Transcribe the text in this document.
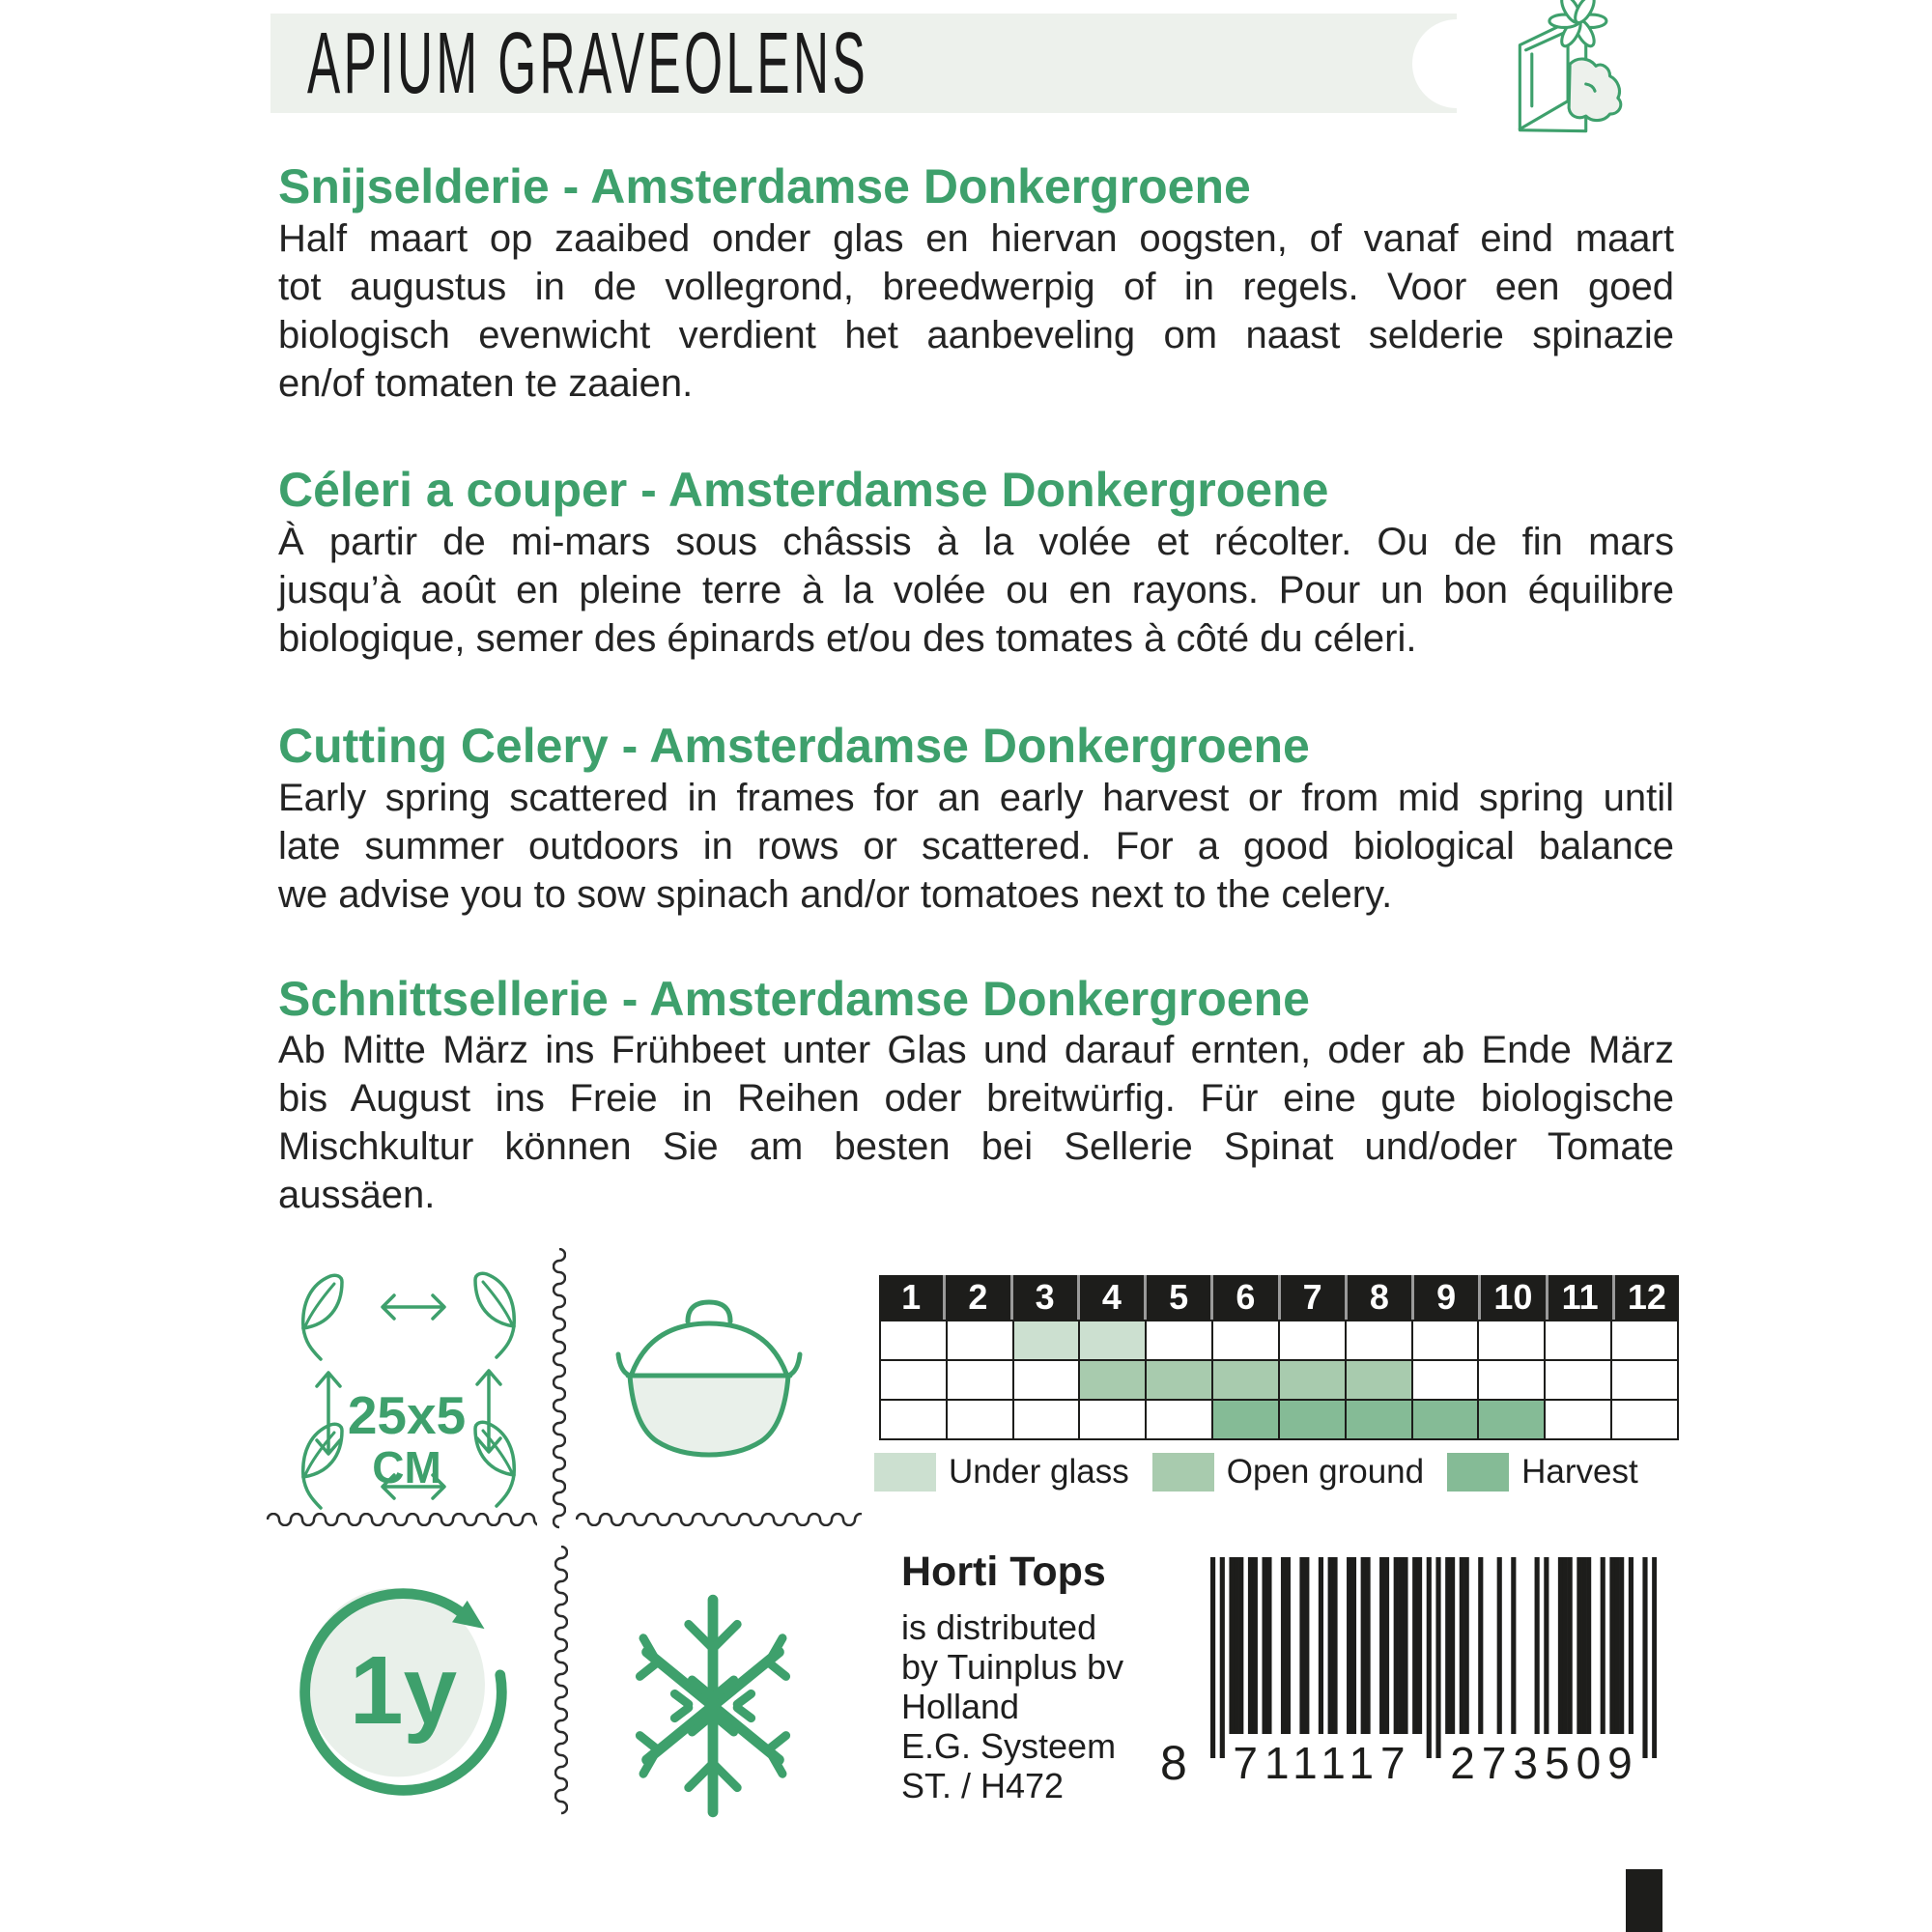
APIUM GRAVEOLENS
Snijselderie - Amsterdamse Donkergroene
Half maart op zaaibed onder glas en hiervan oogsten, of vanaf eind maart
tot augustus in de vollegrond, breedwerpig of in regels. Voor een goed
biologisch evenwicht verdient het aanbeveling om naast selderie spinazie
en/of tomaten te zaaien.
Céleri a couper - Amsterdamse Donkergroene
À partir de mi-mars sous châssis à la volée et récolter. Ou de fin mars
jusqu’à août en pleine terre à la volée ou en rayons. Pour un bon équilibre
biologique, semer des épinards et/ou des tomates à côté du céleri.
Cutting Celery - Amsterdamse Donkergroene
Early spring scattered in frames for an early harvest or from mid spring until
late summer outdoors in rows or scattered. For a good biological balance
we advise you to sow spinach and/or tomatoes next to the celery.
Schnittsellerie - Amsterdamse Donkergroene
Ab Mitte März ins Frühbeet unter Glas und darauf ernten, oder ab Ende März
bis August ins Freie in Reihen oder breitwürfig. Für eine gute biologische
Mischkultur können Sie am besten bei Sellerie Spinat und/oder Tomate
aussäen.
25x5
CM
1y
1	2	3	4	5	6	7	8	9	10 11 12
Under glass	Open ground	Harvest
Horti Tops
is distributed
by Tuinplus bv
Holland
E.G. Systeem
ST. / H472	8 711117 273509
